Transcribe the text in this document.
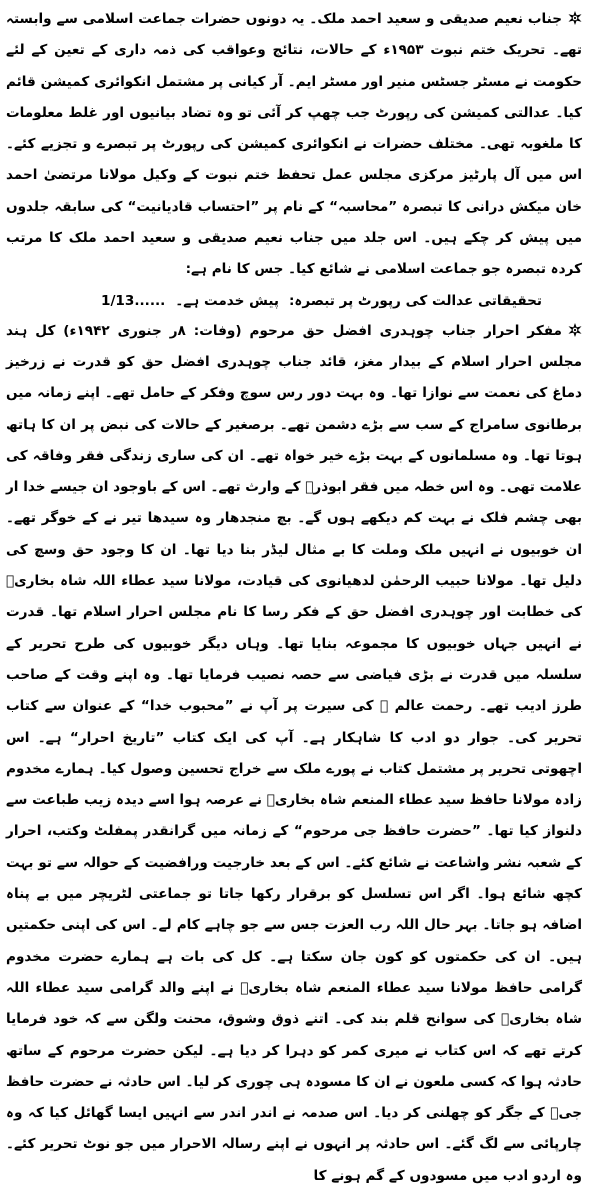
جناب نعیم صدیقی و سعید احمد ملک۔ یہ دونوں حضرات جماعت اسلامی سے وابستہ تھے۔ تحریک ختم نبوت ۱۹۵۳ء کے حالات، نتائج وعواقب کی ذمہ داری کے تعین کے لئے حکومت نے مسٹر جسٹس منیر اور مسٹر ایم۔ آر کیانی پر مشتمل انکوائری کمیشن قائم کیا۔ عدالتی کمیشن کی رپورٹ جب چھپ کر آئی تو وہ تضاد بیانیوں اور غلط معلومات کا ملغوبہ تھی۔ مختلف حضرات نے انکوائری کمیشن کی رپورٹ پر تبصرے و تجزیے کئے۔ اس میں آل پارٹیز مرکزی مجلس عمل تحفظ ختم نبوت کے وکیل مولانا مرتضیٰ احمد خان میکش درانی کا تبصرہ ”محاسبہ“ کے نام پر ”احتساب قادیانیت“ کی سابقہ جلدوں میں پیش کر چکے ہیں۔ اس جلد میں جناب نعیم صدیقی و سعید احمد ملک کا مرتب کردہ تبصرہ جو جماعت اسلامی نے شائع کیا۔ جس کا نام ہے:

تحقیقاتی عدالت کی رپورٹ پر تبصرہ:
پیش خدمت ہے۔
1/13......

مفکر احرار جناب چوہدری افضل حق مرحوم (وفات: ۸ر جنوری ۱۹۴۲ء) کل ہند مجلس احرار اسلام کے بیدار مغز، قائد جناب چوہدری افضل حق کو قدرت نے زرخیز دماغ کی نعمت سے نوازا تھا۔ وہ بہت دور رس سوچ وفکر کے حامل تھے۔ اپنے زمانہ میں برطانوی سامراج کے سب سے بڑے دشمن تھے۔ برصغیر کے حالات کی نبض پر ان کا ہاتھ ہوتا تھا۔ وہ مسلمانوں کے بہت بڑے خیر خواہ تھے۔ ان کی ساری زندگی فقر وفاقہ کی علامت تھی۔ وہ اس خطہ میں فقر ابوذرؓ کے وارث تھے۔ اس کے باوجود ان جیسے خدا ار بھی چشم فلک نے بہت کم دیکھے ہوں گے۔ بچ منجدھار وہ سیدھا تیر نے کے خوگر تھے۔ ان خوبیوں نے انہیں ملک وملت کا بے مثال لیڈر بنا دیا تھا۔ ان کا وجود حق وسچ کی دلیل تھا۔ مولانا حبیب الرحمٰن لدھیانوی کی قیادت، مولانا سید عطاء اللہ شاہ بخاریؒ کی خطابت اور چوہدری افضل حق کے فکر رسا کا نام مجلس احرار اسلام تھا۔ قدرت نے انہیں جہاں خوبیوں کا مجموعہ بنایا تھا۔ وہاں دیگر خوبیوں کی طرح تحریر کے سلسلہ میں قدرت نے بڑی فیاضی سے حصہ نصیب فرمایا تھا۔ وہ اپنے وقت کے صاحب طرز ادیب تھے۔ رحمت عالم ﷺ کی سیرت پر آپ نے ”محبوب خدا“ کے عنوان سے کتاب تحریر کی۔ جوار دو ادب کا شاہکار ہے۔ آپ کی ایک کتاب ”تاریخ احرار“ ہے۔ اس اچھوتی تحریر پر مشتمل کتاب نے پورے ملک سے خراج تحسین وصول کیا۔ ہمارے مخدوم زادہ مولانا حافظ سید عطاء المنعم شاہ بخاریؒ نے عرصہ ہوا اسے دیدہ زیب طباعت سے دلنواز کیا تھا۔ ”حضرت حافظ جی مرحوم“ کے زمانہ میں گرانقدر پمفلٹ وکتب، احرار کے شعبہ نشر واشاعت نے شائع کئے۔ اس کے بعد خارجیت ورافضیت کے حوالہ سے تو بہت کچھ شائع ہوا۔ اگر اس تسلسل کو برقرار رکھا جاتا تو جماعتی لٹریچر میں بے پناہ اضافہ ہو جاتا۔ بہر حال اللہ رب العزت جس سے جو چاہے کام لے۔ اس کی اپنی حکمتیں ہیں۔ ان کی حکمتوں کو کون جان سکتا ہے۔ کل کی بات ہے ہمارے حضرت مخدوم گرامی حافظ مولانا سید عطاء المنعم شاہ بخاریؒ نے اپنے والد گرامی سید عطاء اللہ شاہ بخاریؒ کی سوانح قلم بند کی۔ اتنے ذوق وشوق، محنت ولگن سے کہ خود فرمایا کرتے تھے کہ اس کتاب نے میری کمر کو دہرا کر دیا ہے۔ لیکن حضرت مرحوم کے ساتھ حادثہ ہوا کہ کسی ملعون نے ان کا مسودہ ہی چوری کر لیا۔ اس حادثہ نے حضرت حافظ جیؒ کے جگر کو چھلنی کر دیا۔ اس صدمہ نے اندر اندر سے انہیں ایسا گھائل کیا کہ وہ چارپائی سے لگ گئے۔ اس حادثہ پر انہوں نے اپنے رسالہ الاحرار میں جو نوٹ تحریر کئے۔ وہ اردو ادب میں مسودوں کے گم ہونے کا
